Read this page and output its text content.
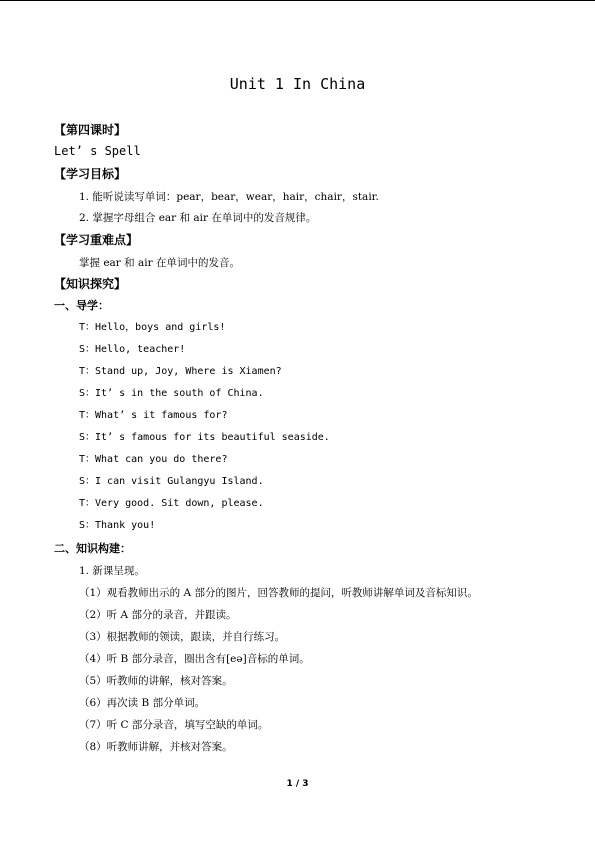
Unit 1 In China
【第四课时】
Let’ s Spell
【学习目标】
1. 能听说读写单词：pear，bear，wear，hair，chair，stair.
2. 掌握字母组合 ear 和 air 在单词中的发音规律。
【学习重难点】
掌握 ear 和 air 在单词中的发音。
【知识探究】
一、导学：
T：Hello，boys and girls!
S：Hello, teacher!
T：Stand up, Joy, Where is Xiamen?
S：It’ s in the south of China.
T：What’ s it famous for?
S：It’ s famous for its beautiful seaside.
T：What can you do there?
S：I can visit Gulangyu Island.
T：Very good. Sit down, please.
S：Thank you!
二、知识构建：
1. 新课呈现。
（1）观看教师出示的 A 部分的图片，回答教师的提问，听教师讲解单词及音标知识。
（2）听 A 部分的录音，并跟读。
（3）根据教师的领读，跟读，并自行练习。
（4）听 B 部分录音，圈出含有[eə]音标的单词。
（5）听教师的讲解，核对答案。
（6）再次读 B 部分单词。
（7）听 C 部分录音，填写空缺的单词。
（8）听教师讲解，并核对答案。
1 / 3
